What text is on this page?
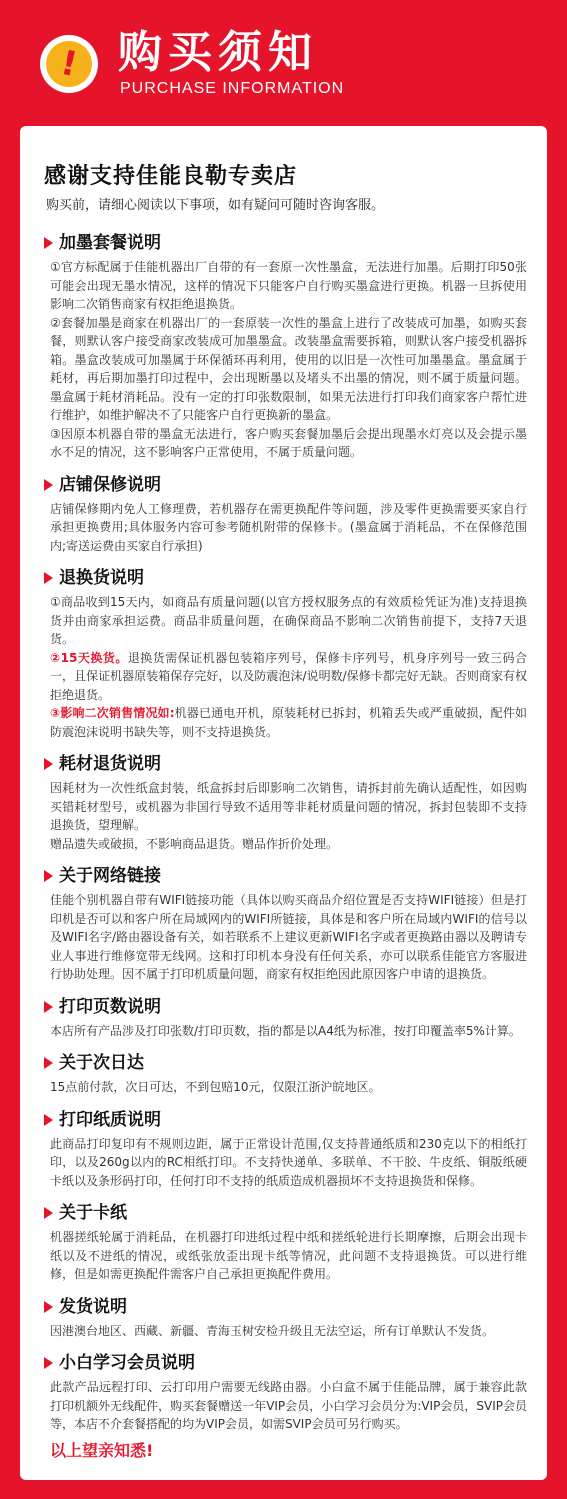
! 购买须知
PURCHASE INFORMATION
感谢支持佳能良勒专卖店
购买前，请细心阅读以下事项，如有疑问可随时咨询客服。
加墨套餐说明

①官方标配属于佳能机器出厂自带的有一套原一次性墨盒，无法进行加墨。后期打印50张可能会出现无墨水情况，这样的情况下只能客户自行购买墨盒进行更换。机器一旦拆使用影响二次销售商家有权拒绝退换货。

②套餐加墨是商家在机器出厂的一套原装一次性的墨盒上进行了改装成可加墨，如购买套餐，则默认客户接受商家改装成可加墨墨盒。改装墨盒需要拆箱，则默认客户接受机器拆箱。墨盒改装成可加墨属于环保循环再利用，使用的以旧是一次性可加墨墨盒。墨盒属于耗材，再后期加墨打印过程中，会出现断墨以及堵头不出墨的情况，则不属于质量问题。墨盒属于耗材消耗品。没有一定的打印张数限制，如果无法进行打印我们商家客户帮忙进行维护，如维护解决不了只能客户自行更换新的墨盒。

③因原本机器自带的墨盒无法进行，客户购买套餐加墨后会提出现墨水灯亮以及会提示墨水不足的情况，这不影响客户正常使用，不属于质量问题。

店铺保修说明

店铺保修期内免人工修理费，若机器存在需更换配件等问题，涉及零件更换需要买家自行承担更换费用;具体服务内容可参考随机附带的保修卡。(墨盒属于消耗品，不在保修范围内;寄送运费由买家自行承担)

退换货说明

①商品收到15天内，如商品有质量问题(以官方授权服务点的有效质检凭证为准)支持退换货并由商家承担运费。商品非质量问题，在确保商品不影响二次销售前提下，支持7天退货。

②15天换货。退换货需保证机器包装箱序列号，保修卡序列号，机身序列号一致三码合一，且保证机器原装箱保存完好，以及防震泡沫/说明数/保修卡都完好无缺。否则商家有权拒绝退货。

③影响二次销售情况如:机器已通电开机，原装耗材已拆封，机箱丢失或严重破损，配件如防震泡沫说明书缺失等，则不支持退换货。

耗材退货说明

因耗材为一次性纸盒封装，纸盒拆封后即影响二次销售，请拆封前先确认适配性，如因购买错耗材型号，或机器为非国行导致不适用等非耗材质量问题的情况，拆封包装即不支持退换货，望理解。

赠品遗失或破损，不影响商品退货。赠品作折价处理。

关于网络链接

佳能个别机器自带有WIFI链接功能（具体以购买商品介绍位置是否支持WIFI链接）但是打印机是否可以和客户所在局域网内的WIFI所链接，具体是和客户所在局域内WIFI的信号以及WIFI名字/路由器设备有关，如若联系不上建议更新WIFI名字或者更换路由器以及聘请专业人事进行维修宽带无线网。这和打印机本身没有任何关系，亦可以联系佳能官方客服进行协助处理。因不属于打印机质量问题，商家有权拒绝因此原因客户申请的退换货。

打印页数说明

本店所有产品涉及打印张数/打印页数，指的都是以A4纸为标准，按打印覆盖率5%计算。

关于次日达

15点前付款，次日可达，不到包赔10元，仅限江浙沪皖地区。

打印纸质说明

此商品打印复印有不规则边距，属于正常设计范围,仅支持普通纸质和230克以下的相纸打印，以及260g以内的RC相纸打印。不支持快递单、多联单、不干胶、牛皮纸、铜版纸硬卡纸以及条形码打印，任何打印不支持的纸质造成机器损坏不支持退换货和保修。

关于卡纸

机器搓纸轮属于消耗品，在机器打印进纸过程中纸和搓纸轮进行长期摩擦，后期会出现卡纸以及不进纸的情况，或纸张放歪出现卡纸等情况，此问题不支持退换货。可以进行维修，但是如需更换配件需客户自己承担更换配件费用。

发货说明

因港澳台地区、西藏、新疆、青海玉树安检升级且无法空运，所有订单默认不发货。

小白学习会员说明

此款产品远程打印、云打印用户需要无线路由器。小白盒不属于佳能品牌，属于兼容此款打印机额外无线配件，购买套餐赠送一年VIP会员，小白学习会员分为:VIP会员，SVIP会员等，本店不介套餐搭配的均为VIP会员，如需SVIP会员可另行购买。

以上望亲知悉!
